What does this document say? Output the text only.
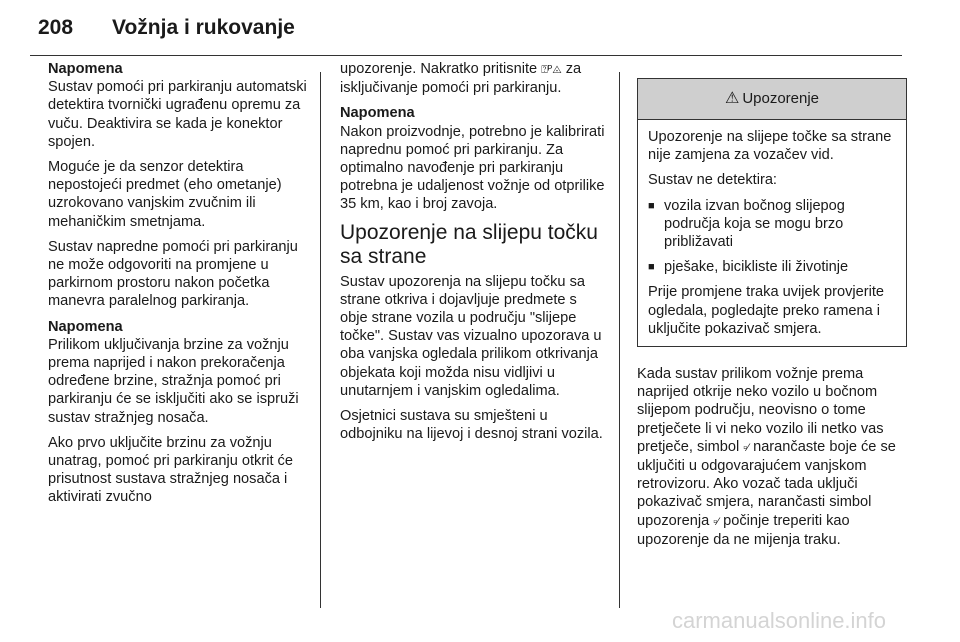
208 Vožnja i rukovanje

Napomena
Sustav pomoći pri parkiranju automatski detektira tvornički ugrađenu opremu za vuču. Deaktivira se kada je konektor spojen.

Moguće je da senzor detektira nepostojeći predmet (eho ometanje) uzrokovano vanjskim zvučnim ili mehaničkim smetnjama.

Sustav napredne pomoći pri parkiranju ne može odgovoriti na promjene u parkirnom prostoru nakon početka manevra paralelnog parkiranja.

Napomena
Prilikom uključivanja brzine za vožnju prema naprijed i nakon prekoračenja određene brzine, stražnja pomoć pri parkiranju će se isključiti ako se ispruži sustav stražnjeg nosača.

Ako prvo uključite brzinu za vožnju unatrag, pomoć pri parkiranju otkrit će prisutnost sustava stražnjeg nosača i aktivirati zvučno

upozorenje. Nakratko pritisnite ⍰ᴾ◬ za isključivanje pomoći pri parkiranju.

Napomena
Nakon proizvodnje, potrebno je kalibrirati naprednu pomoć pri parkiranju. Za optimalno navođenje pri parkiranju potrebna je udaljenost vožnje od otprilike 35 km, kao i broj zavoja.

Upozorenje na slijepu točku sa strane

Sustav upozorenja na slijepu točku sa strane otkriva i dojavljuje predmete s obje strane vozila u području "slijepe točke". Sustav vas vizualno upozorava u oba vanjska ogledala prilikom otkrivanja objekata koji možda nisu vidljivi u unutarnjem i vanjskim ogledalima.

Osjetnici sustava su smješteni u odbojniku na lijevoj i desnoj strani vozila.

⚠ Upozorenje

Upozorenje na slijepe točke sa strane nije zamjena za vozačev vid.

Sustav ne detektira:

■ vozila izvan bočnog slijepog područja koja se mogu brzo približavati
■ pješake, bicikliste ili životinje

Prije promjene traka uvijek provjerite ogledala, pogledajte preko ramena i uključite pokazivač smjera.

Kada sustav prilikom vožnje prema naprijed otkrije neko vozilo u bočnom slijepom području, neovisno o tome pretječete li vi neko vozilo ili netko vas pretječe, simbol ▫⁄ narančaste boje će se uključiti u odgovarajućem vanjskom retrovizoru. Ako vozač tada uključi pokazivač smjera, narančasti simbol upozorenja ▫⁄ počinje treperiti kao upozorenje da ne mijenja traku.

carmanualsonline.info
